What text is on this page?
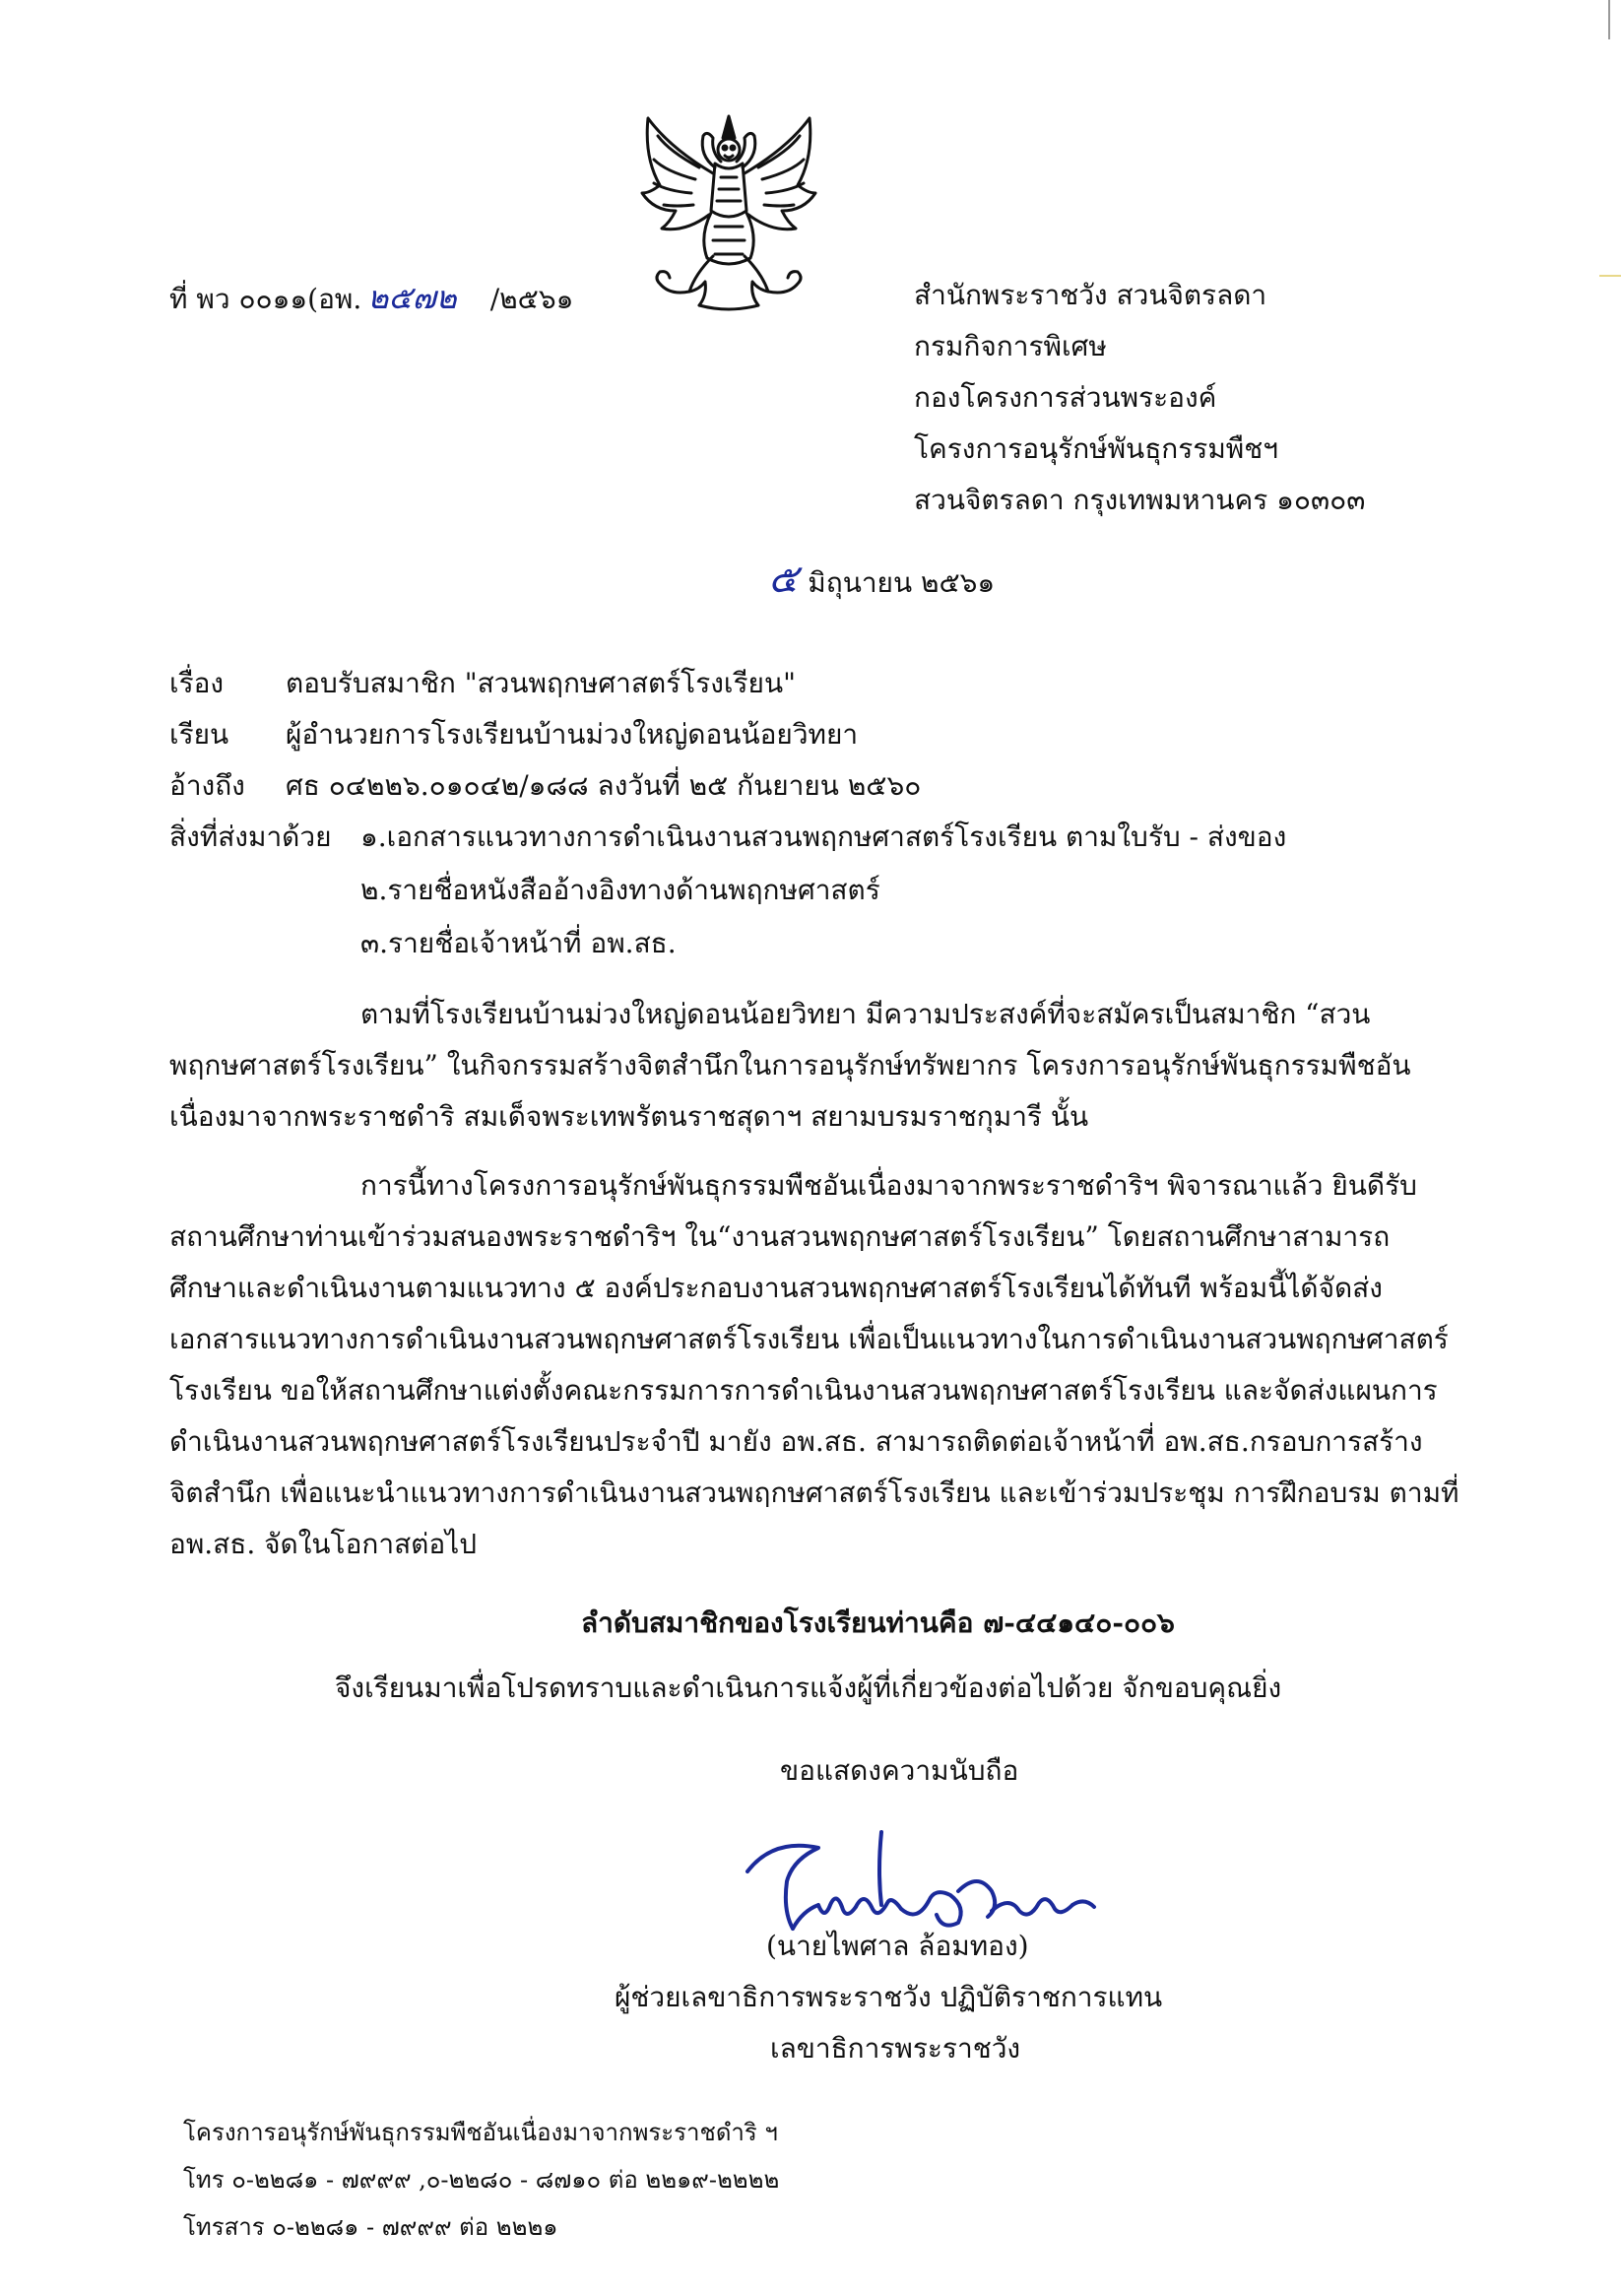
ที่ พว ๐๐๑๑(อพ. ๒๕๗๒ /๒๕๖๑	สำนักพระราชวัง สวนจิตรลดา
กรมกิจการพิเศษ
กองโครงการส่วนพระองค์
โครงการอนุรักษ์พันธุกรรมพืชฯ
สวนจิตรลดา กรุงเทพมหานคร ๑๐๓๐๓
๕ มิถุนายน ๒๕๖๑
เรื่อง ตอบรับสมาชิก "สวนพฤกษศาสตร์โรงเรียน"
เรียน ผู้อำนวยการโรงเรียนบ้านม่วงใหญ่ดอนน้อยวิทยา
อ้างถึง ศธ ๐๔๒๒๖.๐๑๐๔๒/๑๘๘ ลงวันที่ ๒๕ กันยายน ๒๕๖๐
สิ่งที่ส่งมาด้วย ๑.เอกสารแนวทางการดำเนินงานสวนพฤกษศาสตร์โรงเรียน ตามใบรับ - ส่งของ
๒.รายชื่อหนังสืออ้างอิงทางด้านพฤกษศาสตร์
๓.รายชื่อเจ้าหน้าที่ อพ.สธ.
ตามที่โรงเรียนบ้านม่วงใหญ่ดอนน้อยวิทยา มีความประสงค์ที่จะสมัครเป็นสมาชิก “สวน
พฤกษศาสตร์โรงเรียน” ในกิจกรรมสร้างจิตสำนึกในการอนุรักษ์ทรัพยากร โครงการอนุรักษ์พันธุกรรมพืชอัน
เนื่องมาจากพระราชดำริ สมเด็จพระเทพรัตนราชสุดาฯ สยามบรมราชกุมารี นั้น
การนี้ทางโครงการอนุรักษ์พันธุกรรมพืชอันเนื่องมาจากพระราชดำริฯ พิจารณาแล้ว ยินดีรับ
สถานศึกษาท่านเข้าร่วมสนองพระราชดำริฯ ใน“งานสวนพฤกษศาสตร์โรงเรียน” โดยสถานศึกษาสามารถ
ศึกษาและดำเนินงานตามแนวทาง ๕ องค์ประกอบงานสวนพฤกษศาสตร์โรงเรียนได้ทันที พร้อมนี้ได้จัดส่ง
เอกสารแนวทางการดำเนินงานสวนพฤกษศาสตร์โรงเรียน เพื่อเป็นแนวทางในการดำเนินงานสวนพฤกษศาสตร์
โรงเรียน ขอให้สถานศึกษาแต่งตั้งคณะกรรมการการดำเนินงานสวนพฤกษศาสตร์โรงเรียน และจัดส่งแผนการ
ดำเนินงานสวนพฤกษศาสตร์โรงเรียนประจำปี มายัง อพ.สธ. สามารถติดต่อเจ้าหน้าที่ อพ.สธ.กรอบการสร้าง
จิตสำนึก เพื่อแนะนำแนวทางการดำเนินงานสวนพฤกษศาสตร์โรงเรียน และเข้าร่วมประชุม การฝึกอบรม ตามที่
อพ.สธ. จัดในโอกาสต่อไป
ลำดับสมาชิกของโรงเรียนท่านคือ ๗-๔๔๑๔๐-๐๐๖
จึงเรียนมาเพื่อโปรดทราบและดำเนินการแจ้งผู้ที่เกี่ยวข้องต่อไปด้วย จักขอบคุณยิ่ง
ขอแสดงความนับถือ
(นายไพศาล ล้อมทอง)
ผู้ช่วยเลขาธิการพระราชวัง ปฏิบัติราชการแทน
เลขาธิการพระราชวัง
โครงการอนุรักษ์พันธุกรรมพืชอันเนื่องมาจากพระราชดำริ ฯ
โทร ๐-๒๒๘๑ - ๗๙๙๙ ,๐-๒๒๘๐ - ๘๗๑๐ ต่อ ๒๒๑๙-๒๒๒๒
โทรสาร ๐-๒๒๘๑ - ๗๙๙๙ ต่อ ๒๒๒๑
